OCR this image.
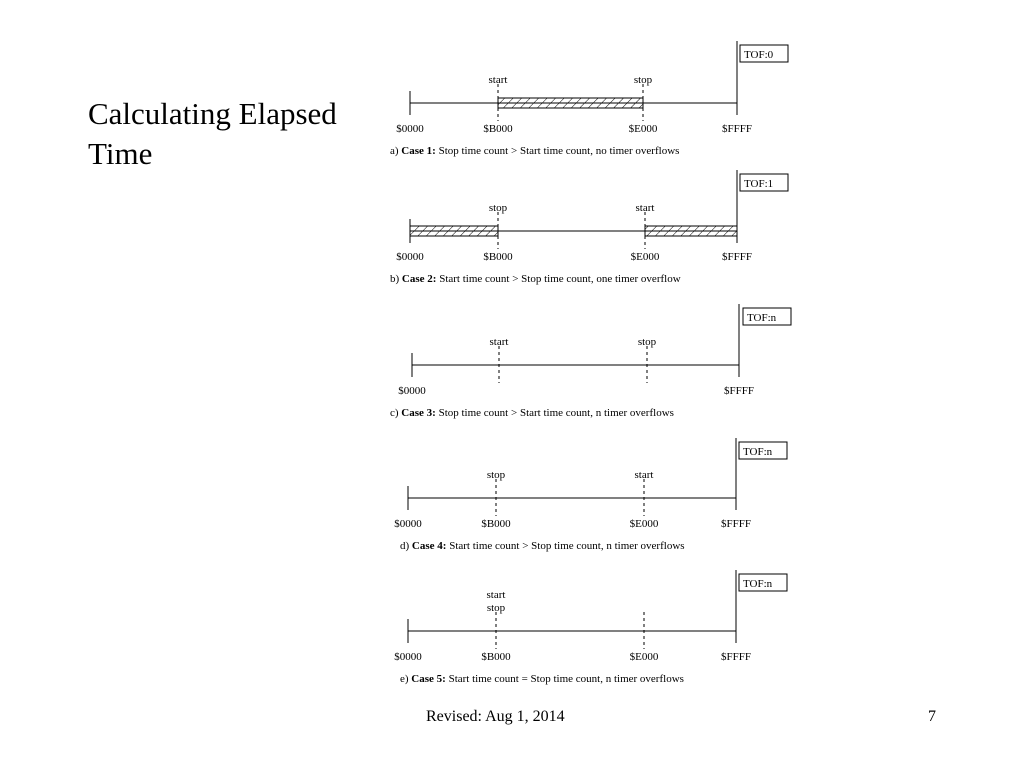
Calculating Elapsed Time
TOF:0
start	stop
$0000	$B000	$E000	$FFFF
a) Case 1: Stop time count > Start time count, no timer overflows
TOF:1
stop	start
$0000	$B000	$E000	$FFFF
b) Case 2: Start time count > Stop time count, one timer overflow
TOF:n
start	stop
$0000	$FFFF
c) Case 3: Stop time count > Start time count, n timer overflows
TOF:n
stop	start
$0000	$B000	$E000	$FFFF
d) Case 4: Start time count > Stop time count, n timer overflows
TOF:n
start
stop
$0000	$B000	$E000	$FFFF
e) Case 5: Start time count = Stop time count, n timer overflows
Revised: Aug 1, 2014	7
